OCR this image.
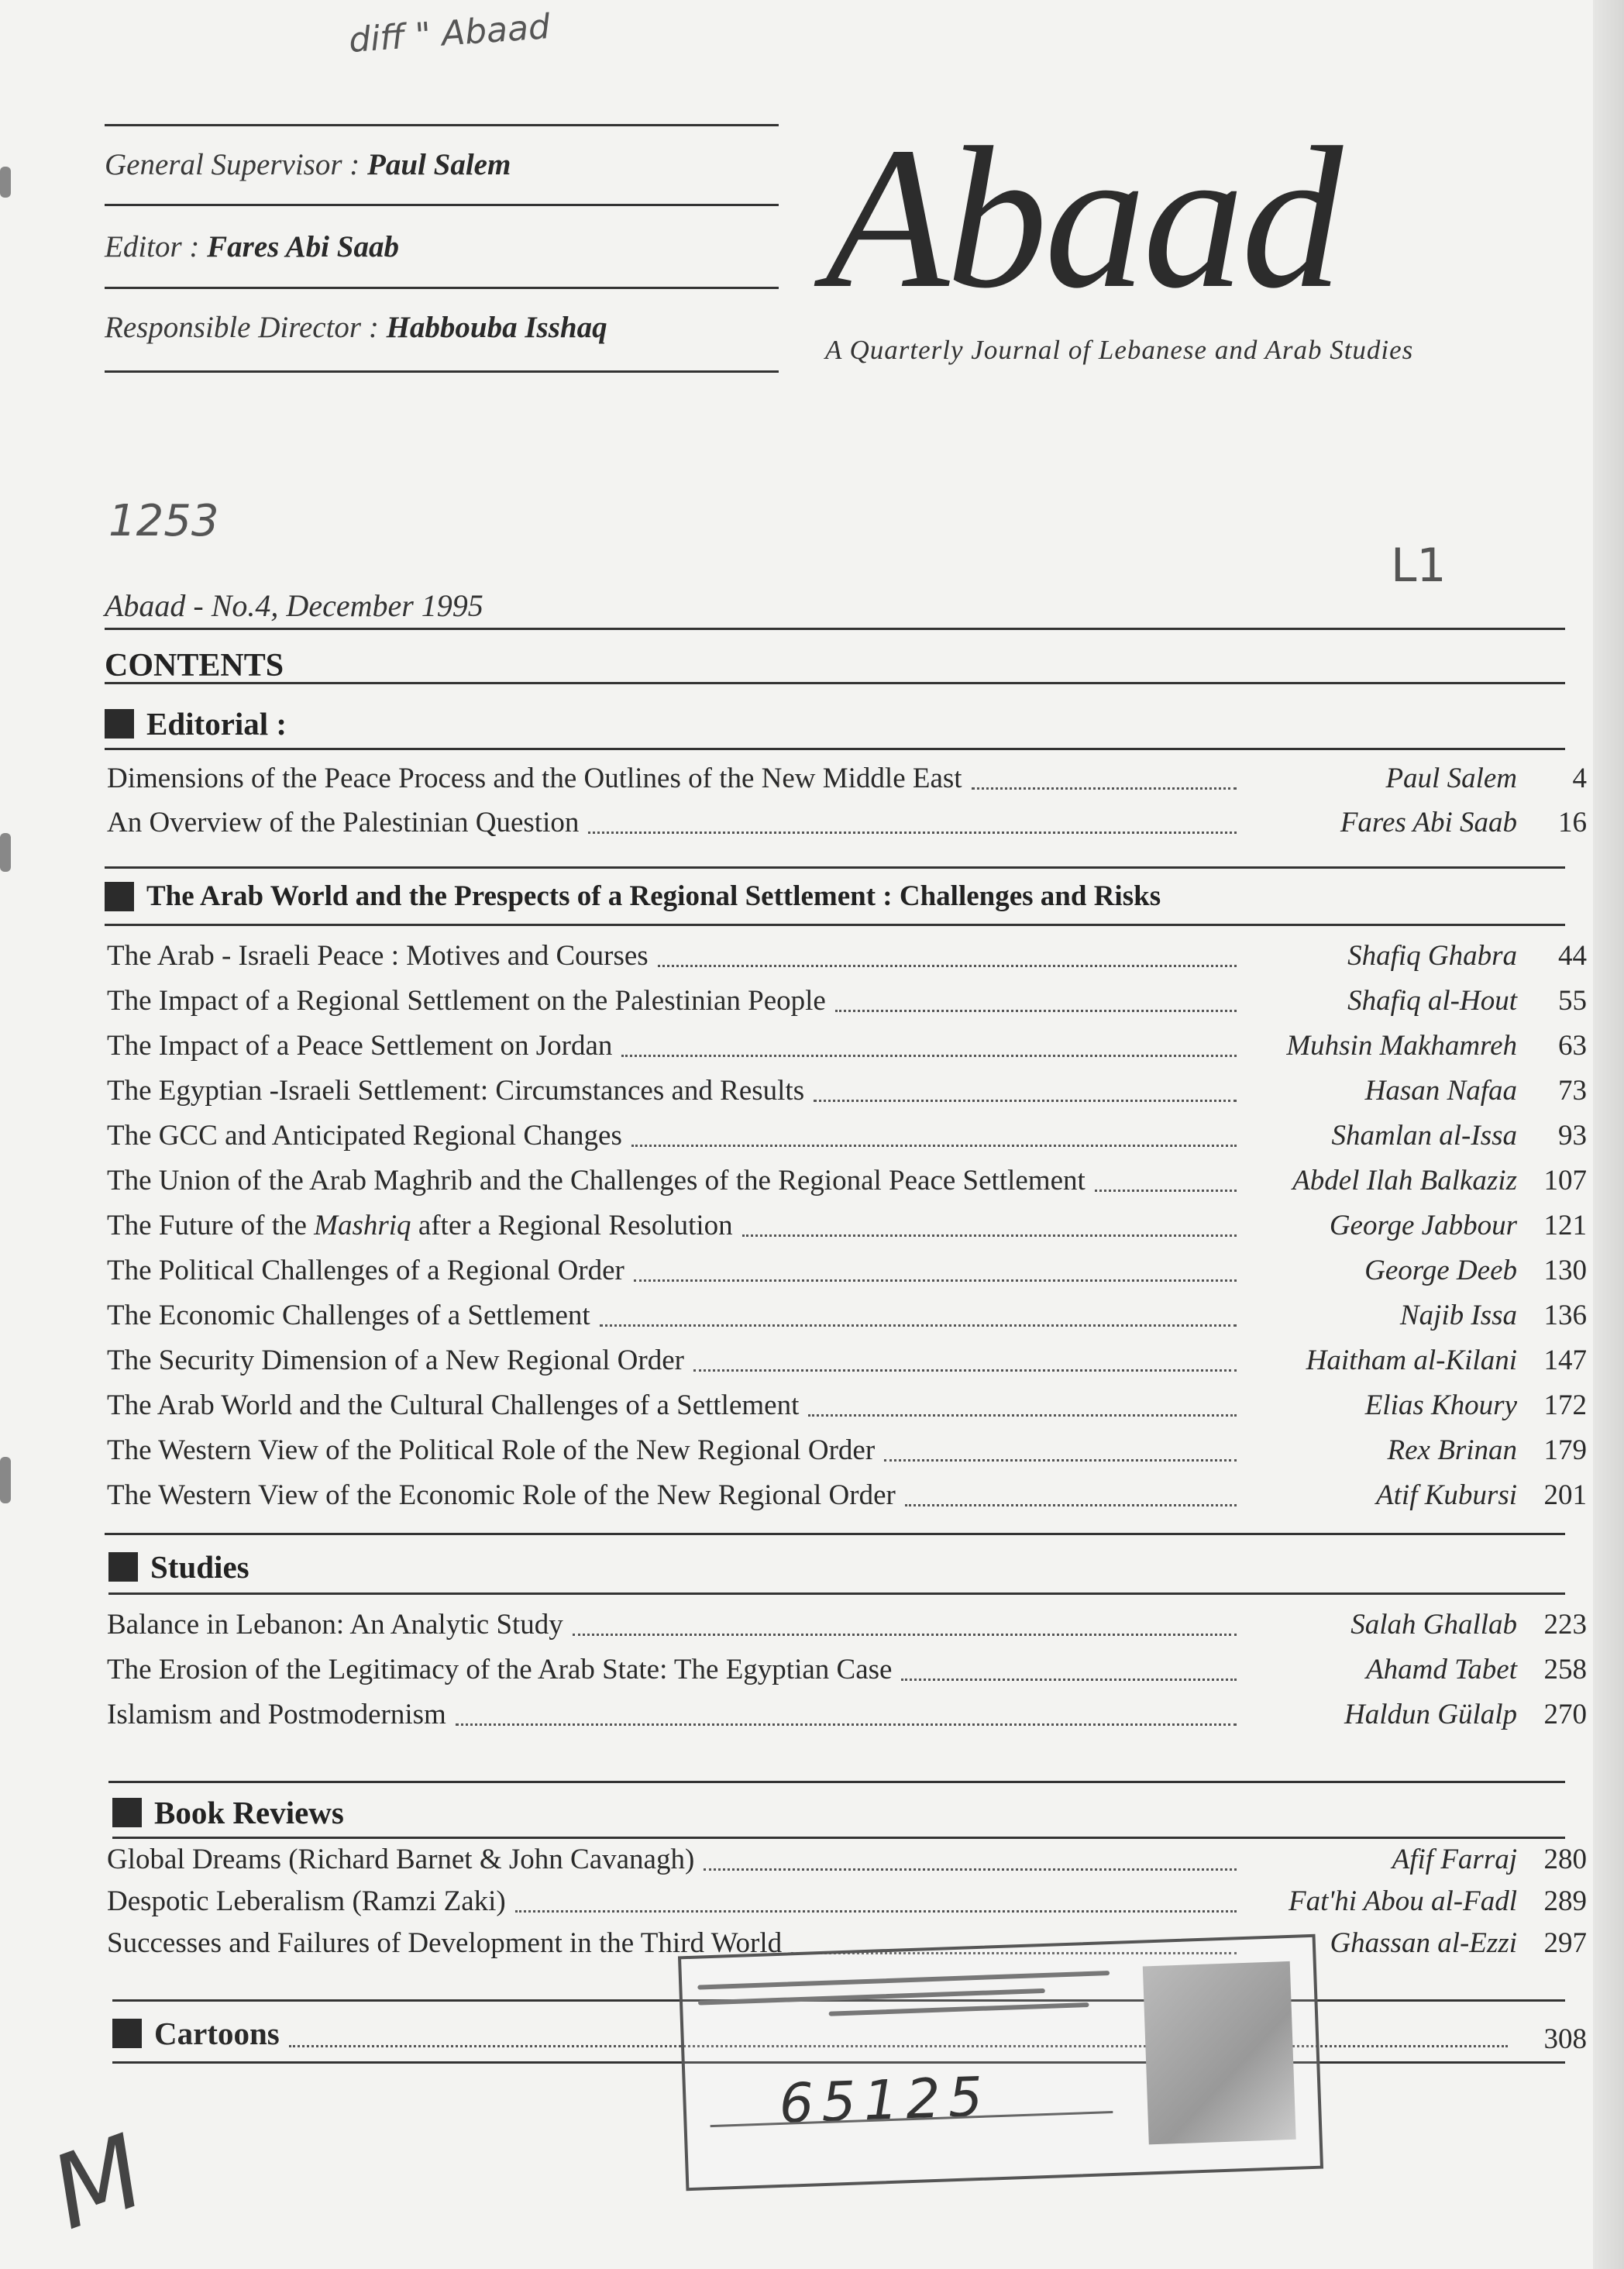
diff " Abaad
General Supervisor : Paul Salem
Editor : Fares Abi Saab
Responsible Director : Habbouba Isshaq Abaad
A Quarterly Journal of Lebanese and Arab Studies
1253
L1
Abaad - No.4, December 1995
CONTENTS
Editorial :
Dimensions of the Peace Process and the Outlines of the New Middle East	Paul Salem	4
An Overview of the Palestinian Question	Fares Abi Saab	16
The Arab World and the Prespects of a Regional Settlement : Challenges and Risks
The Arab - Israeli Peace : Motives and Courses	Shafiq Ghabra	44
The Impact of a Regional Settlement on the Palestinian People	Shafiq al-Hout	55
The Impact of a Peace Settlement on Jordan	Muhsin Makhamreh	63
The Egyptian -Israeli Settlement: Circumstances and Results	Hasan Nafaa	73
The GCC and Anticipated Regional Changes	Shamlan al-Issa	93
The Union of the Arab Maghrib and the Challenges of the Regional Peace Settlement	Abdel Ilah Balkaziz 107
The Future of the Mashriq after a Regional Resolution	George Jabbour 121
The Political Challenges of a Regional Order	George Deeb 130
The Economic Challenges of a Settlement	Najib Issa 136
The Security Dimension of a New Regional Order	Haitham al-Kilani 147
The Arab World and the Cultural Challenges of a Settlement	Elias Khoury 172
The Western View of the Political Role of the New Regional Order	Rex Brinan 179
The Western View of the Economic Role of the New Regional Order	Atif Kubursi 201
Studies
Balance in Lebanon: An Analytic Study	Salah Ghallab 223
The Erosion of the Legitimacy of the Arab State: The Egyptian Case	Ahamd Tabet 258
Islamism and Postmodernism	Haldun Gülalp 270
Book Reviews
Global Dreams (Richard Barnet & John Cavanagh)	Afif Farraj 280
Despotic Leberalism (Ramzi Zaki)	Fat'hi Abou al-Fadl 289
Successes and Failures of Development in the Third World	Ghassan al-Ezzi 297
Cartoons	308
65125
M
